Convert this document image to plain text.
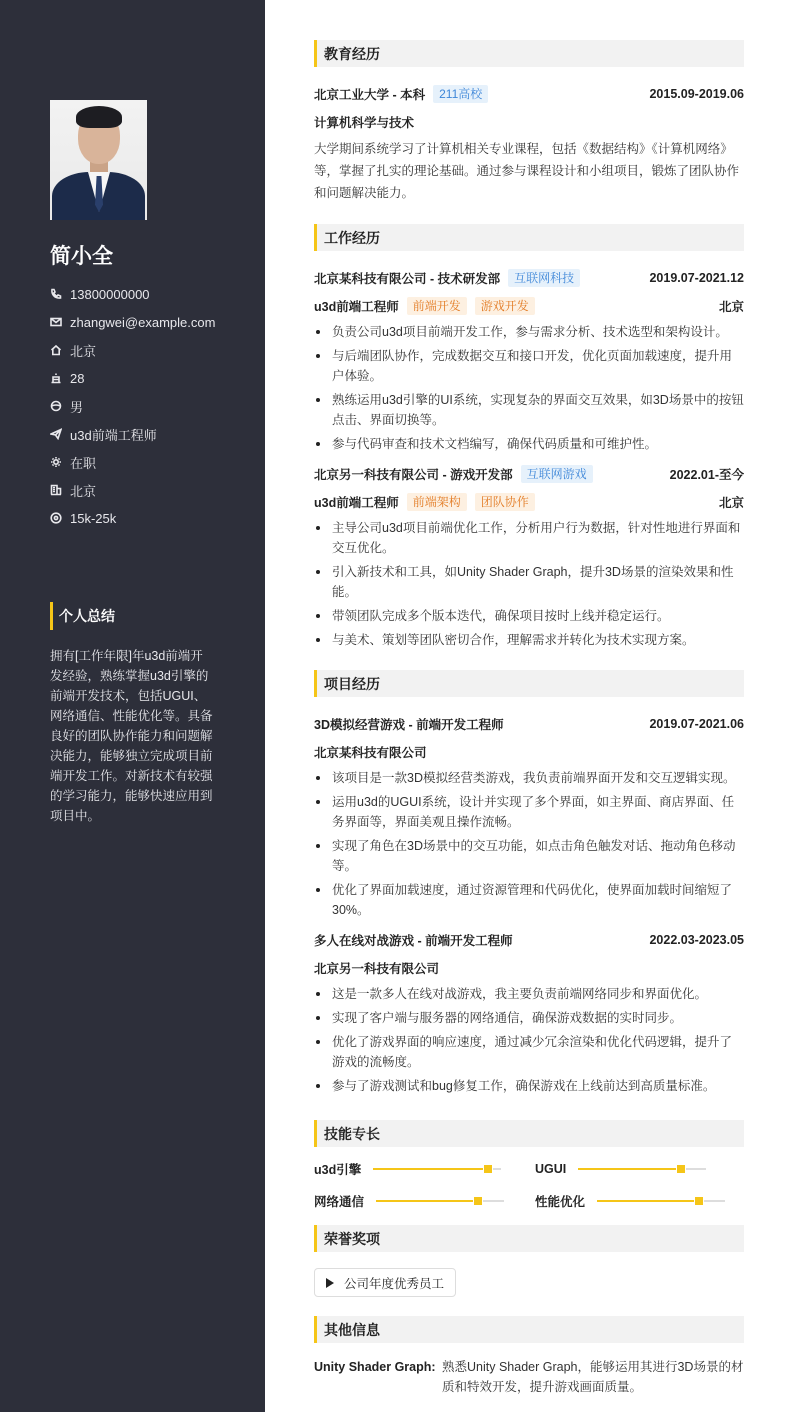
简小全
13800000000
zhangwei@example.com
北京
28
男
u3d前端工程师
在职
北京
15k-25k
个人总结
拥有[工作年限]年u3d前端开发经验，熟练掌握u3d引擎的前端开发技术，包括UGUI、网络通信、性能优化等。具备良好的团队协作能力和问题解决能力，能够独立完成项目前端开发工作。对新技术有较强的学习能力，能够快速应用到项目中。
教育经历
北京工业大学 - 本科	211高校	2015.09-2019.06
计算机科学与技术
大学期间系统学习了计算机相关专业课程，包括《数据结构》《计算机网络》等，掌握了扎实的理论基础。通过参与课程设计和小组项目，锻炼了团队协作和问题解决能力。
工作经历
北京某科技有限公司 - 技术研发部	互联网科技	2019.07-2021.12
u3d前端工程师	前端开发	游戏开发	北京
负责公司u3d项目前端开发工作，参与需求分析、技术选型和架构设计。
与后端团队协作，完成数据交互和接口开发，优化页面加载速度，提升用户体验。
熟练运用u3d引擎的UI系统，实现复杂的界面交互效果，如3D场景中的按钮点击、界面切换等。
参与代码审查和技术文档编写，确保代码质量和可维护性。
北京另一科技有限公司 - 游戏开发部	互联网游戏	2022.01-至今
u3d前端工程师	前端架构	团队协作	北京
主导公司u3d项目前端优化工作，分析用户行为数据，针对性地进行界面和交互优化。
引入新技术和工具，如Unity Shader Graph，提升3D场景的渲染效果和性能。
带领团队完成多个版本迭代，确保项目按时上线并稳定运行。
与美术、策划等团队密切合作，理解需求并转化为技术实现方案。
项目经历
3D模拟经营游戏 - 前端开发工程师	2019.07-2021.06
北京某科技有限公司
该项目是一款3D模拟经营类游戏，我负责前端界面开发和交互逻辑实现。
运用u3d的UGUI系统，设计并实现了多个界面，如主界面、商店界面、任务界面等，界面美观且操作流畅。
实现了角色在3D场景中的交互功能，如点击角色触发对话、拖动角色移动等。
优化了界面加载速度，通过资源管理和代码优化，使界面加载时间缩短了30%。
多人在线对战游戏 - 前端开发工程师	2022.03-2023.05
北京另一科技有限公司
这是一款多人在线对战游戏，我主要负责前端网络同步和界面优化。
实现了客户端与服务器的网络通信，确保游戏数据的实时同步。
优化了游戏界面的响应速度，通过减少冗余渲染和优化代码逻辑，提升了游戏的流畅度。
参与了游戏测试和bug修复工作，确保游戏在上线前达到高质量标准。
技能专长
u3d引擎	UGUI
网络通信	性能优化
荣誉奖项
公司年度优秀员工
其他信息
Unity Shader Graph: 熟悉Unity Shader Graph，能够运用其进行3D场景的材质和特效开发，提升游戏画面质量。
